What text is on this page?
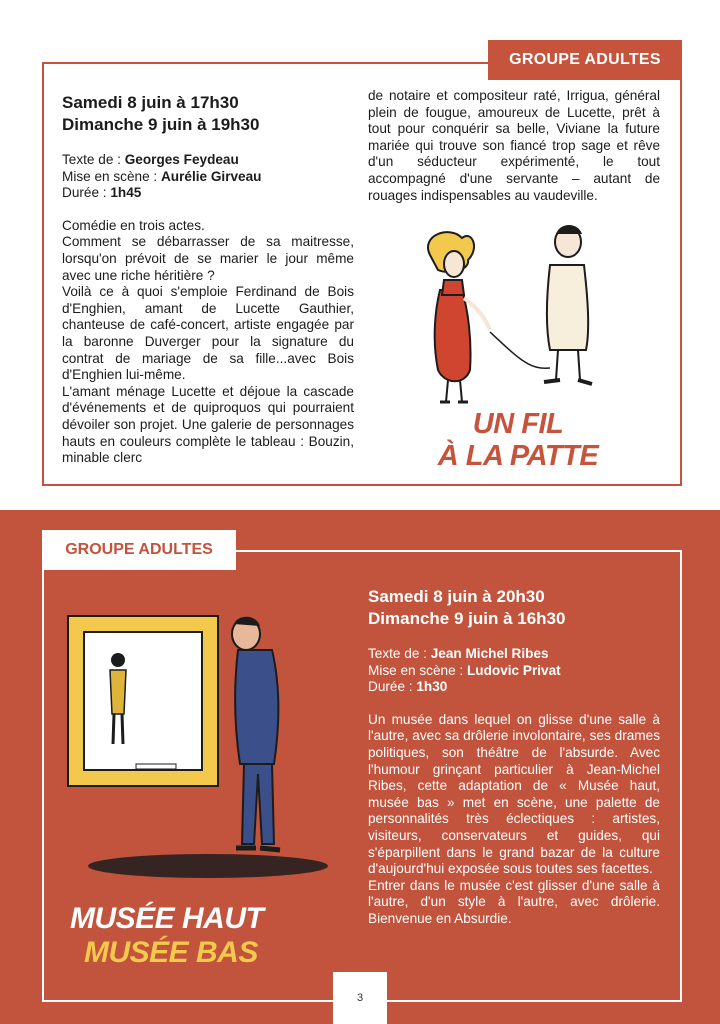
GROUPE ADULTES

Samedi 8 juin à 17h30

Dimanche 9 juin à 19h30

Texte de : Georges Feydeau

Mise en scène : Aurélie Girveau

Durée : 1h45

Comédie en trois actes.

Comment se débarrasser de sa maitresse, lorsqu'on prévoit de se marier le jour même avec une riche héritière ?

Voilà ce à quoi s'emploie Ferdinand de Bois d'Enghien, amant de Lucette Gauthier, chanteuse de café-concert, artiste engagée par la baronne Duverger pour la signature du contrat de mariage de sa fille...avec Bois d'Enghien lui-même.

L'amant ménage Lucette et déjoue la cascade d'événements et de quiproquos qui pourraient dévoiler son projet. Une galerie de personnages hauts en couleurs complète le tableau : Bouzin, minable clerc

de notaire et compositeur raté, Irrigua, général plein de fougue, amoureux de Lucette, prêt à tout pour conquérir sa belle, Viviane la future mariée qui trouve son fiancé trop sage et rêve d'un séducteur expérimenté, le tout accompagné d'une servante – autant de rouages indispensables au vaudeville.

UN FIL
À LA PATTE
GROUPE ADULTES
MUSÉE HAUT
MUSÉE BAS

Samedi 8 juin à 20h30

Dimanche 9 juin à 16h30

Texte de : Jean Michel Ribes

Mise en scène : Ludovic Privat

Durée : 1h30

Un musée dans lequel on glisse d'une salle à l'autre, avec sa drôlerie involontaire, ses drames politiques, son théâtre de l'absurde. Avec l'humour grinçant particulier à Jean-Michel Ribes, cette adaptation de « Musée haut, musée bas » met en scène, une palette de personnalités très éclectiques : artistes, visiteurs, conservateurs et guides, qui s'éparpillent dans le grand bazar de la culture d'aujourd'hui exposée sous toutes ses facettes.

Entrer dans le musée c'est glisser d'une salle à l'autre, d'un style à l'autre, avec drôlerie. Bienvenue en Absurdie.

3
